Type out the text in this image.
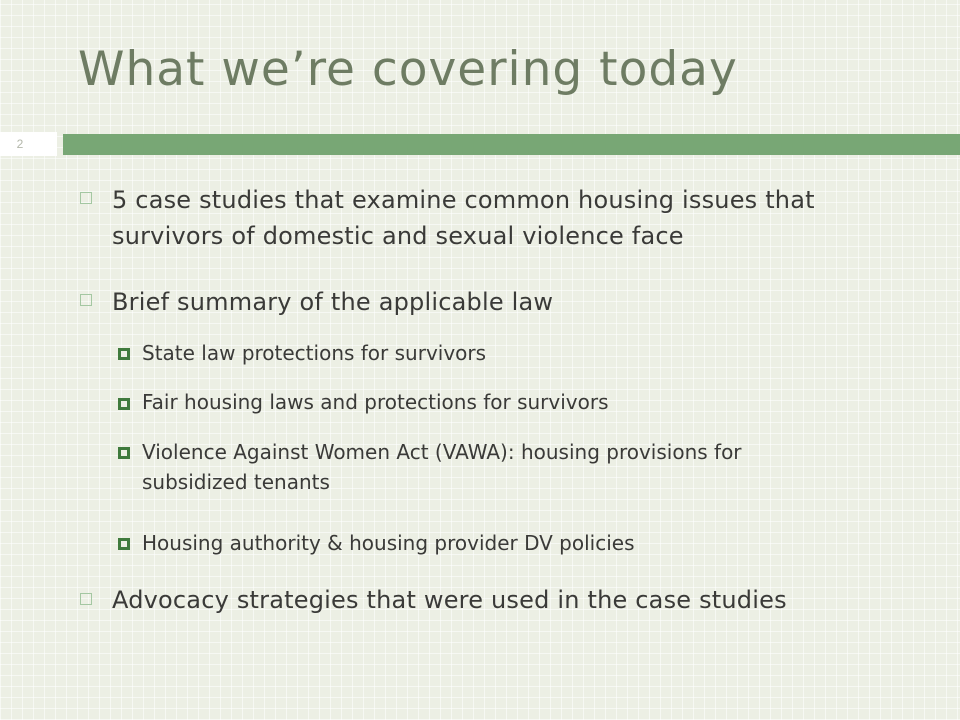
What we’re covering today
2

5 case studies that examine common housing issues that survivors of domestic and sexual violence face

Brief summary of the applicable law

State law protections for survivors

Fair housing laws and protections for survivors

Violence Against Women Act (VAWA): housing provisions for subsidized tenants

Housing authority & housing provider DV policies

Advocacy strategies that were used in the case studies
